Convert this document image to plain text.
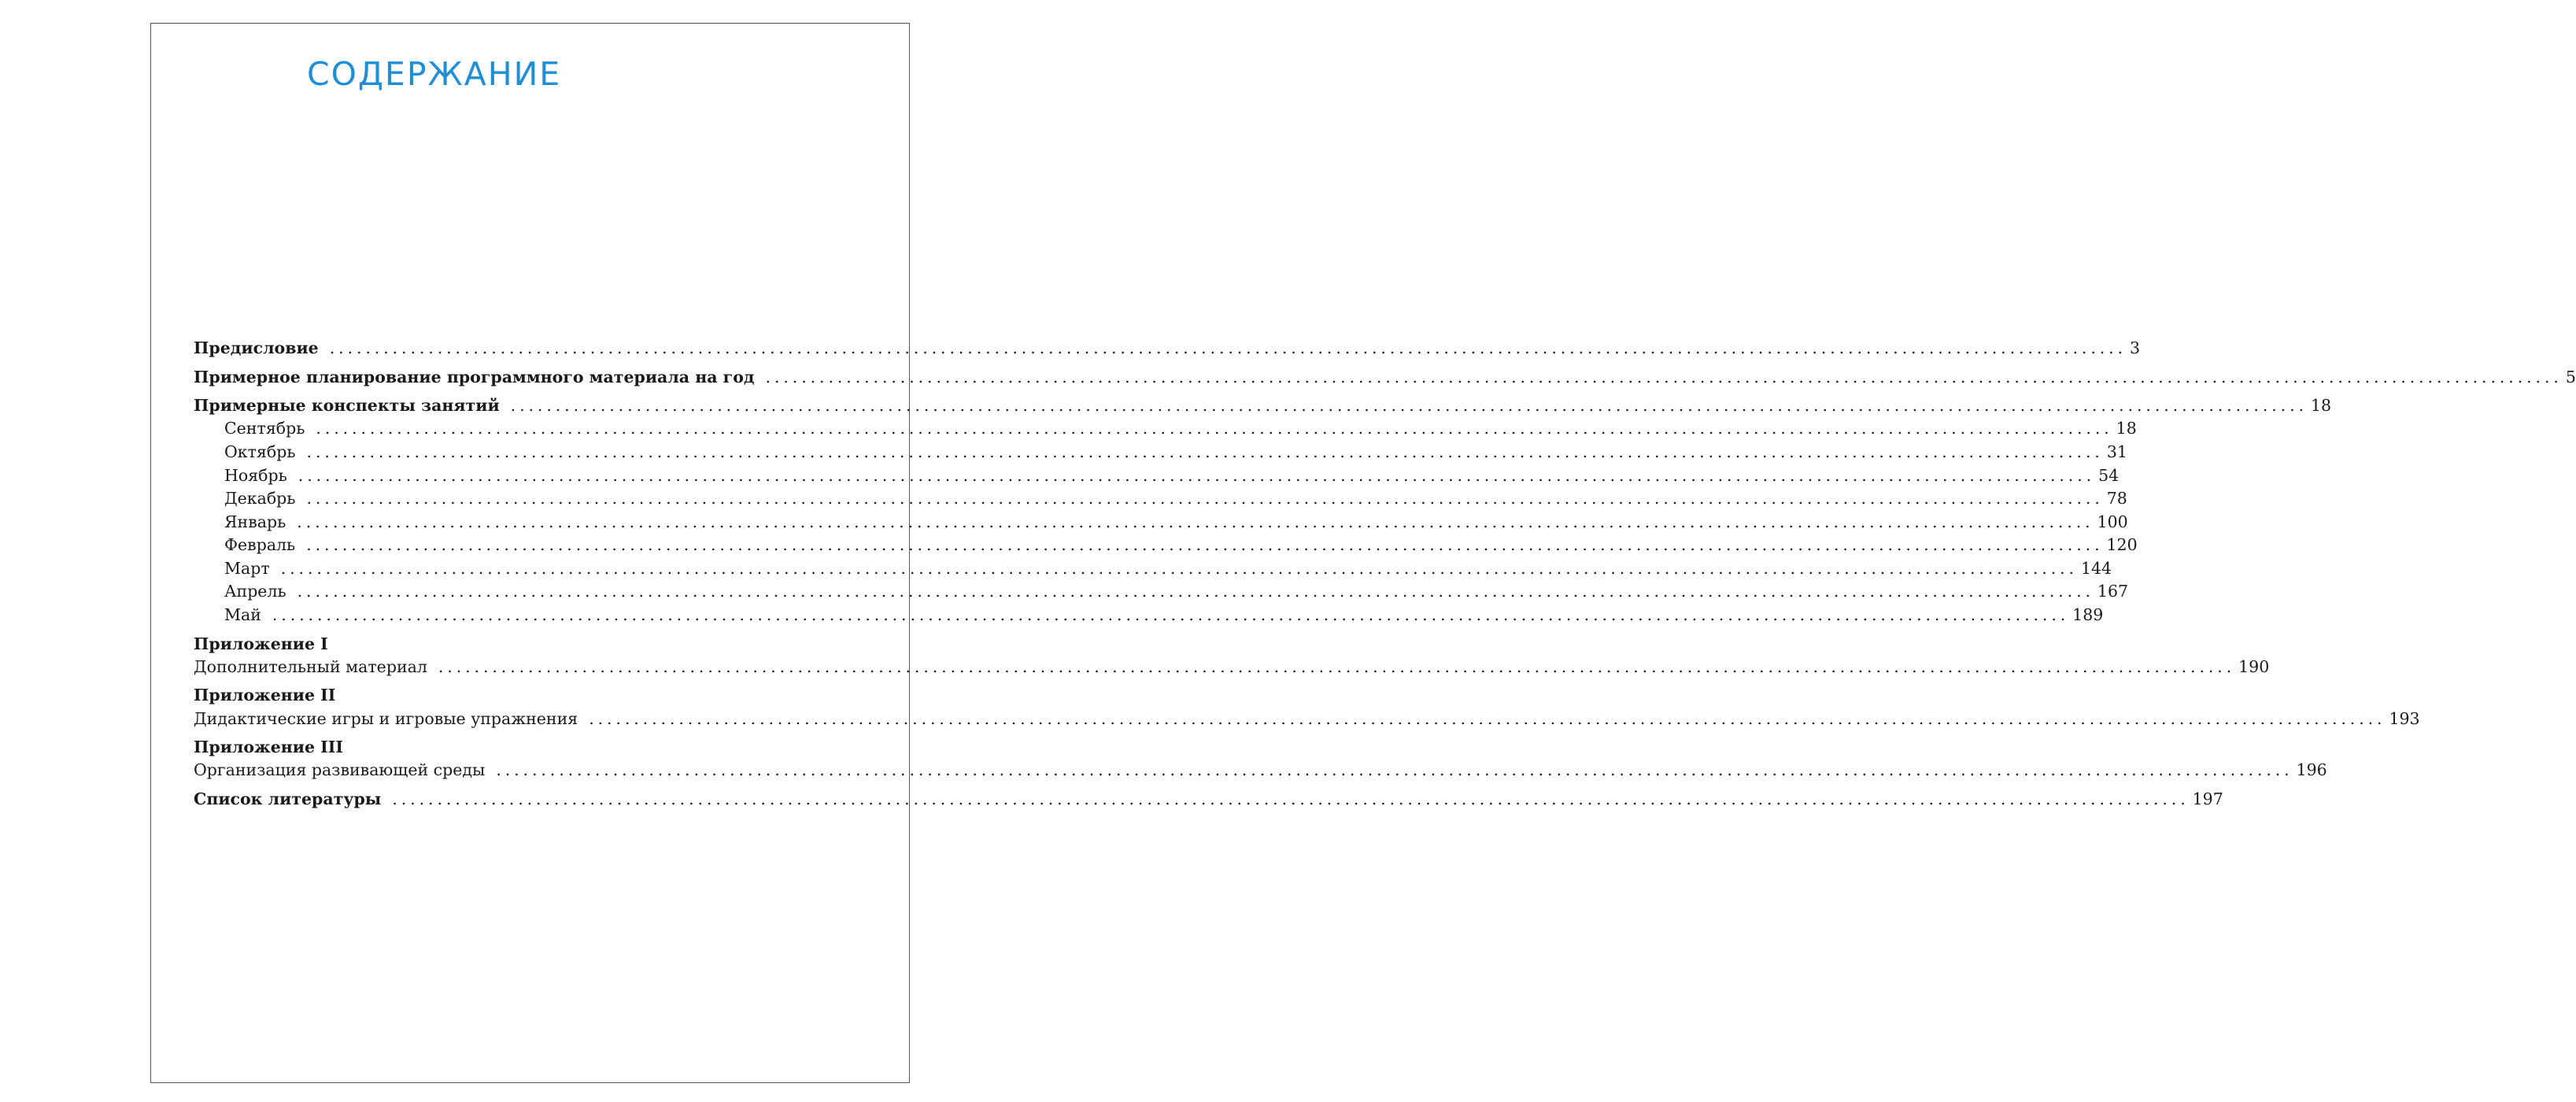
СОДЕРЖАНИЕ
Предисловие ........................................................................................................................................................................................................ 3
Примерное планирование программного материала на год ........................................................................................................................................................................................................ 5
Примерные конспекты занятий ........................................................................................................................................................................................................ 18
Сентябрь ........................................................................................................................................................................................................ 18
Октябрь ........................................................................................................................................................................................................ 31
Ноябрь ........................................................................................................................................................................................................ 54
Декабрь ........................................................................................................................................................................................................ 78
Январь ........................................................................................................................................................................................................ 100
Февраль ........................................................................................................................................................................................................ 120
Март ........................................................................................................................................................................................................ 144
Апрель ........................................................................................................................................................................................................ 167
Май ........................................................................................................................................................................................................ 189
Приложение I
Дополнительный материал ........................................................................................................................................................................................................ 190
Приложение II
Дидактические игры и игровые упражнения ........................................................................................................................................................................................................ 193
Приложение III
Организация развивающей среды ........................................................................................................................................................................................................ 196
Список литературы ........................................................................................................................................................................................................ 197
